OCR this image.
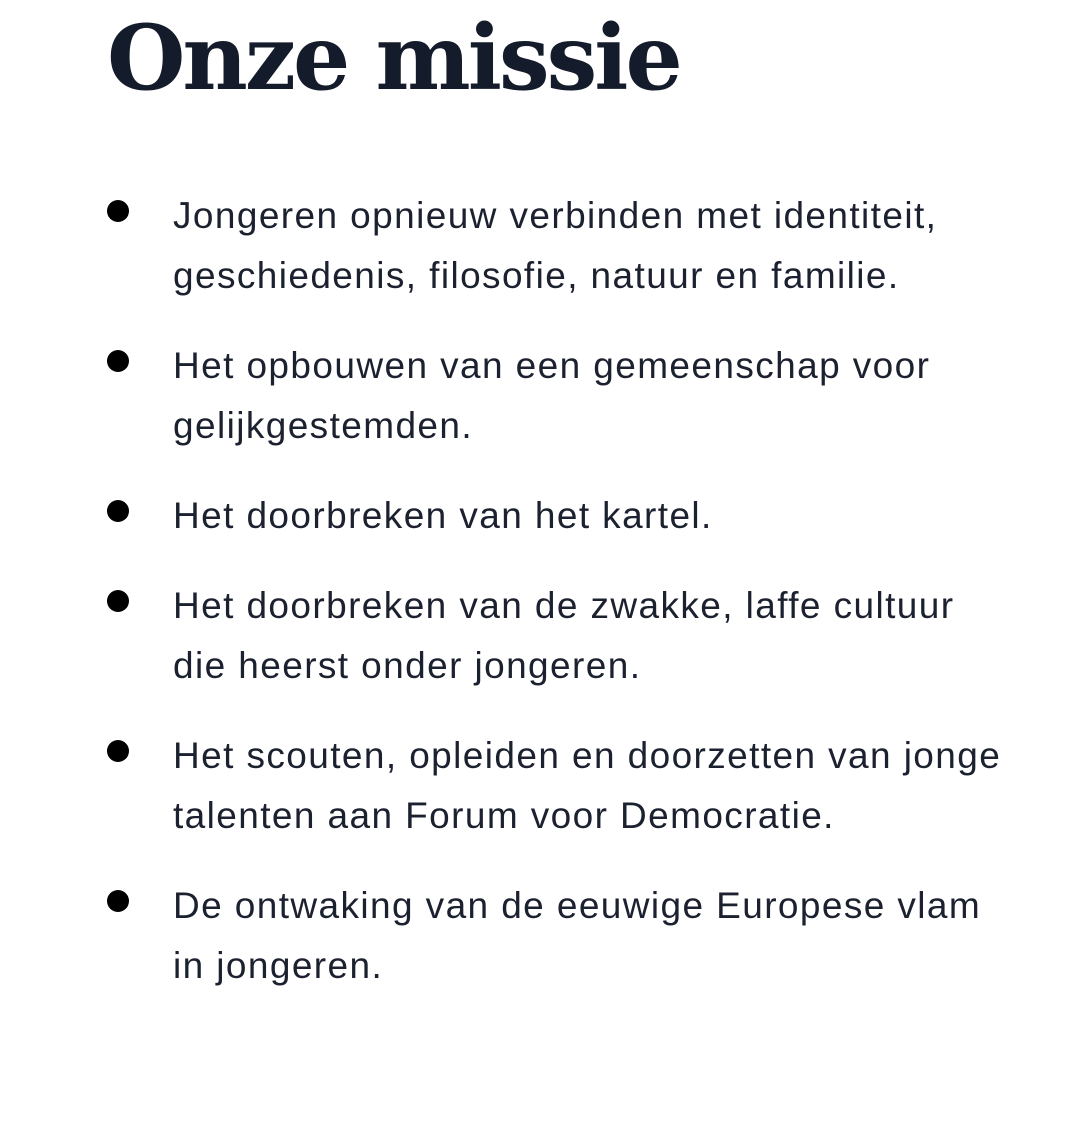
Onze missie
Jongeren opnieuw verbinden met identiteit, geschiedenis, filosofie, natuur en familie.
Het opbouwen van een gemeenschap voor gelijkgestemden.
Het doorbreken van het kartel.
Het doorbreken van de zwakke, laffe cultuur die heerst onder jongeren.
Het scouten, opleiden en doorzetten van jonge talenten aan Forum voor Democratie.
De ontwaking van de eeuwige Europese vlam in jongeren.
